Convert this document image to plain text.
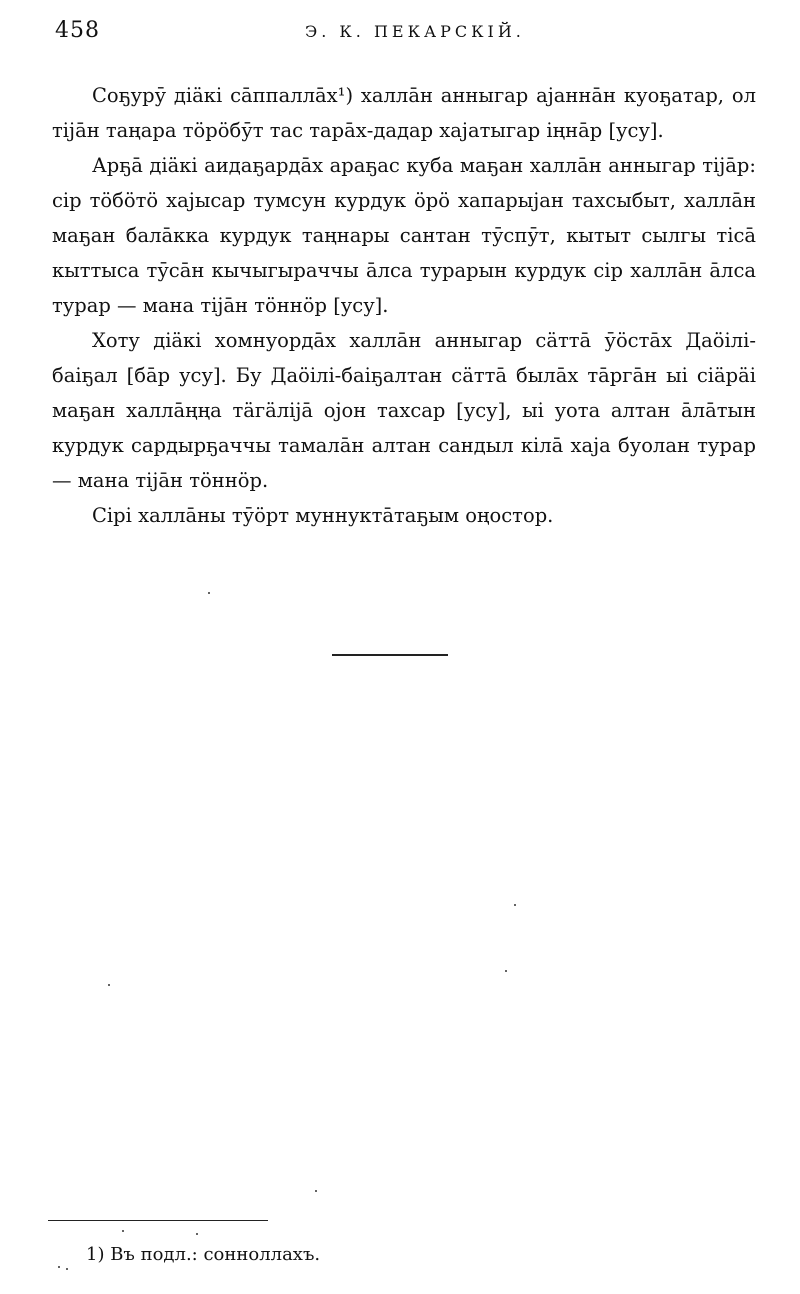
458	Э. К. ПЕКАРСКІЙ.

Соҕурӯ діäкі сāппаллāх¹) халлāн анныгар аjаннāн куоҕатар, ол тіjāн таңара тöрöбӯт тас тарāх-дадар хаjатыгар іңнāр [усу].

Арҕā діäкі аидаҕардāх араҕас куба маҕан халлāн анныгар тіjāр: сір тöбöтö хаjысар тумсун курдук öрö хапарыjан тахсыбыт, халлāн маҕан балāкка курдук таңнары сантан тӯспӯт, кытыт сылгы тісā кыттыса тӯсāн кычыгыраччы āлса турарын курдук сір халлāн āлса турар — мана тіjāн тöннöр [усу].

Хоту діäкі хомнуордāх халлāн анныгар сäттā ӯöстāх Даӧілі-баіҕал [бāр усу]. Бу Даӧілі-баіҕалтан сäттā былāх тāргāн ыі сіäрäі маҕан халлāңңа тäгäліjā оjон тахсар [усу], ыі уота алтан āлāтын курдук сардырҕаччы тамалāн алтан сандыл кілā хаjа буолан турар — мана тіjāн тöннöр.

Сірі халлāны тӯöрт муннуктāтаҕым оңостор.

1) Въ подл.: сонноллахъ.
